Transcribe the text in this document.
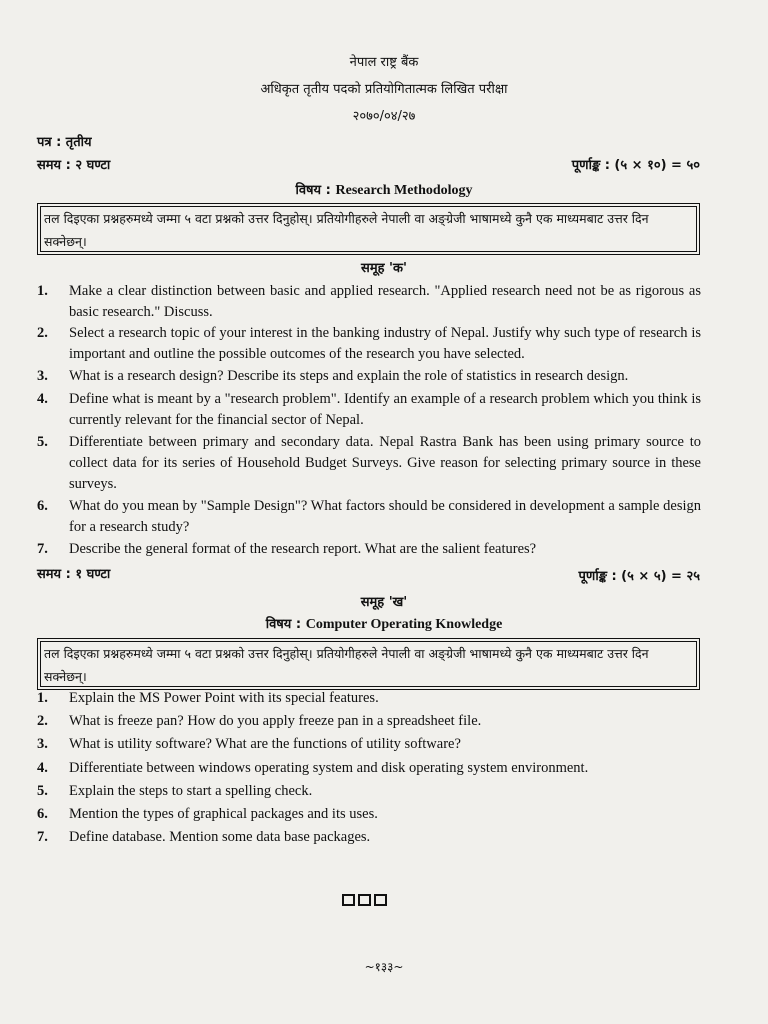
नेपाल राष्ट्र बैंक
अधिकृत तृतीय पदको प्रतियोगितात्मक लिखित परीक्षा
२०७०/०४/२७
पत्र : तृतीय
समय : २ घण्टा	पूर्णाङ्क : (५ × १०) = ५०
विषय : Research Methodology
तल दिइएका प्रश्नहरुमध्ये जम्मा ५ वटा प्रश्नको उत्तर दिनुहोस्। प्रतियोगीहरुले नेपाली वा अङ्ग्रेजी भाषामध्ये कुनै एक माध्यमबाट उत्तर दिन सक्नेछन्।
समूह 'क'
1. Make a clear distinction between basic and applied research. "Applied research need not be as rigorous as basic research." Discuss.
2. Select a research topic of your interest in the banking industry of Nepal. Justify why such type of research is important and outline the possible outcomes of the research you have selected.
3. What is a research design? Describe its steps and explain the role of statistics in research design.
4. Define what is meant by a "research problem". Identify an example of a research problem which you think is currently relevant for the financial sector of Nepal.
5. Differentiate between primary and secondary data. Nepal Rastra Bank has been using primary source to collect data for its series of Household Budget Surveys. Give reason for selecting primary source in these surveys.
6. What do you mean by "Sample Design"? What factors should be considered in development a sample design for a research study?
7. Describe the general format of the research report. What are the salient features?
समय : १ घण्टा	पूर्णाङ्क : (५ × ५) = २५
समूह 'ख'
विषय : Computer Operating Knowledge
तल दिइएका प्रश्नहरुमध्ये जम्मा ५ वटा प्रश्नको उत्तर दिनुहोस्। प्रतियोगीहरुले नेपाली वा अङ्ग्रेजी भाषामध्ये कुनै एक माध्यमबाट उत्तर दिन सक्नेछन्।
1. Explain the MS Power Point with its special features.
2. What is freeze pan? How do you apply freeze pan in a spreadsheet file.
3. What is utility software? What are the functions of utility software?
4. Differentiate between windows operating system and disk operating system environment.
5. Explain the steps to start a spelling check.
6. Mention the types of graphical packages and its uses.
7. Define database. Mention some data base packages.
~१३३~
